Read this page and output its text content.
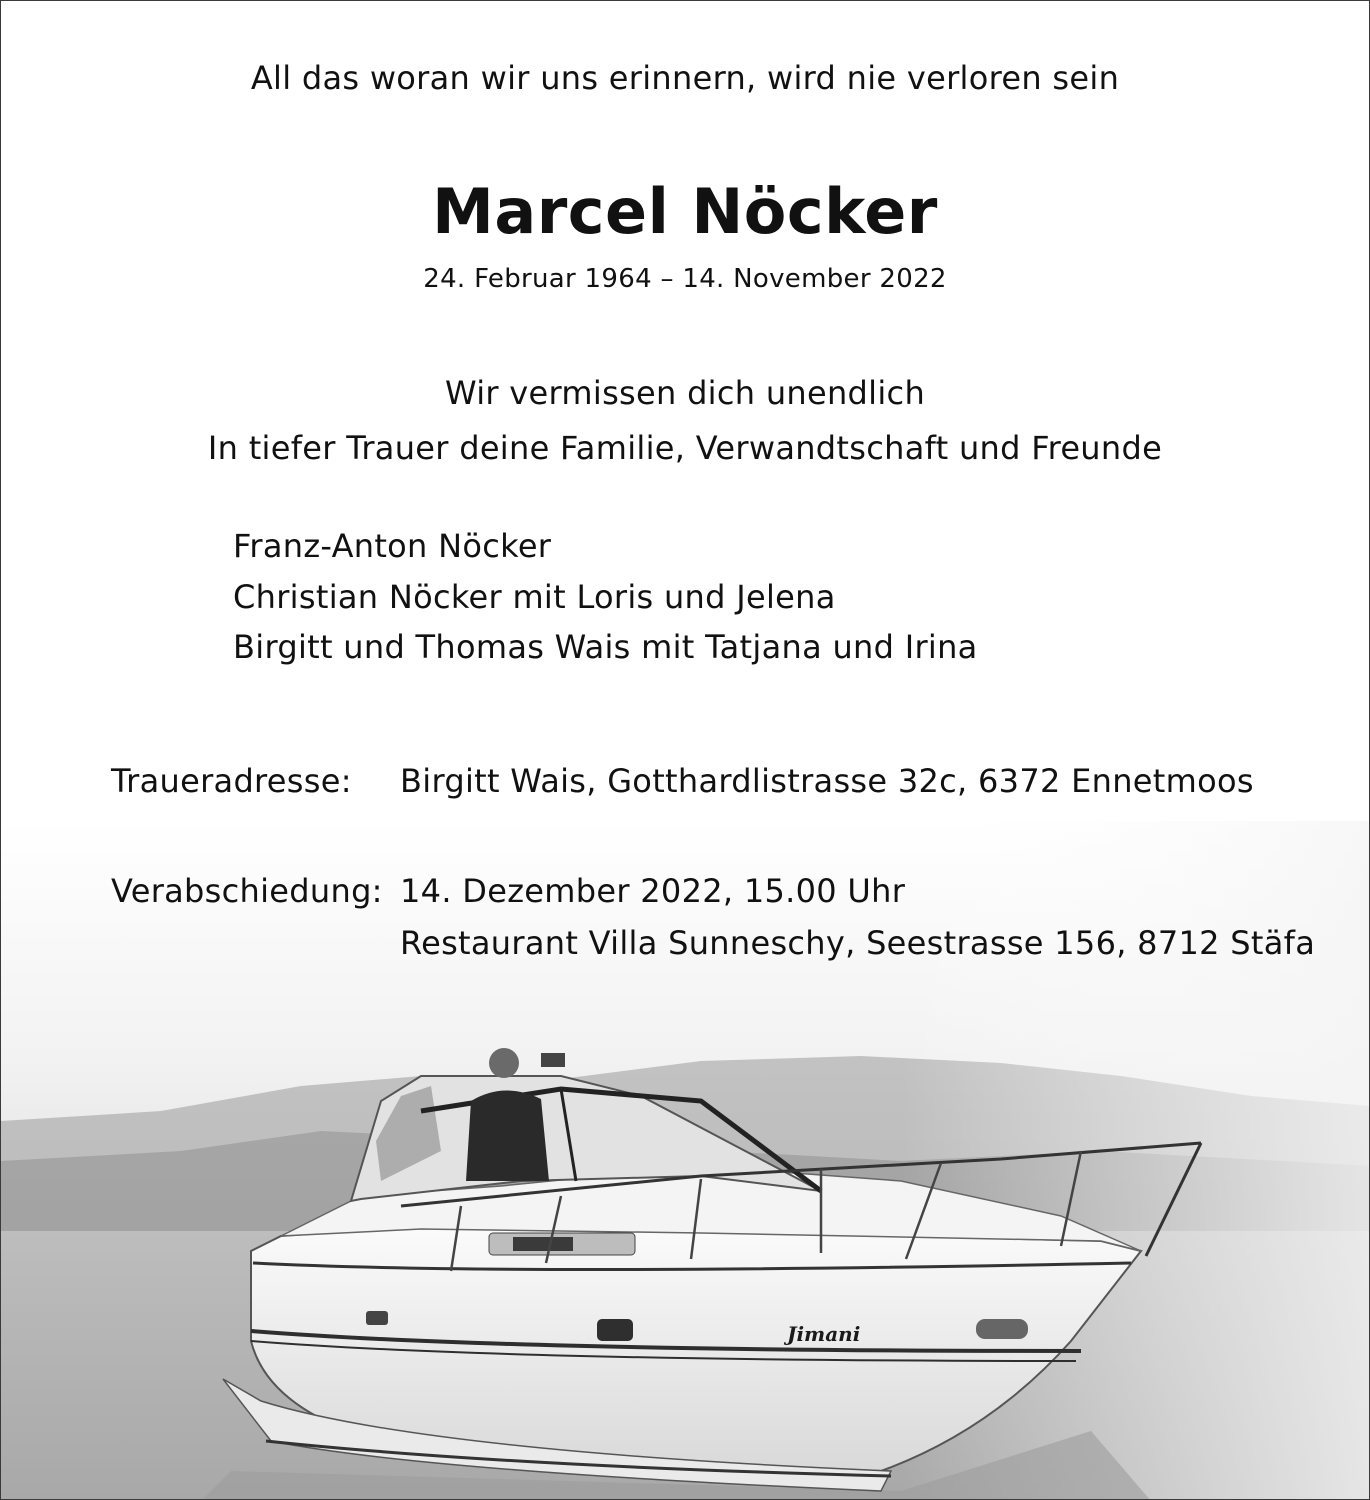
Jimani
All das woran wir uns erinnern, wird nie verloren sein
Marcel Nöcker
24. Februar 1964 – 14. November 2022
Wir vermissen dich unendlich
In tiefer Trauer deine Familie, Verwandtschaft und Freunde
Franz-Anton Nöcker
Christian Nöcker mit Loris und Jelena
Birgitt und Thomas Wais mit Tatjana und Irina
Traueradresse: Birgitt Wais, Gotthardlistrasse 32c, 6372 Ennetmoos
Verabschiedung: 14. Dezember 2022, 15.00 Uhr
Restaurant Villa Sunneschy, Seestrasse 156, 8712 Stäfa
